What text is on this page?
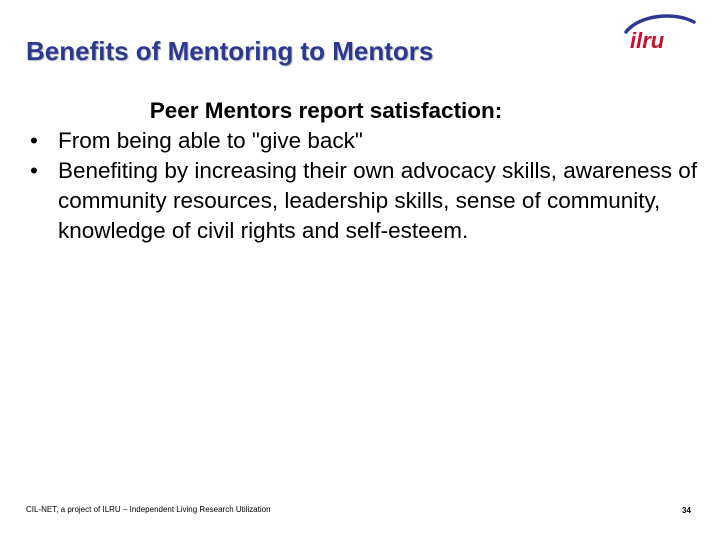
Benefits of Mentoring to Mentors	ilru
Peer Mentors report satisfaction:
• From being able to "give back"
• Benefiting by increasing their own advocacy skills, awareness of community resources, leadership skills, sense of community, knowledge of civil rights and self-esteem.
CIL-NET, a project of ILRU – Independent Living Research Utilization	34
